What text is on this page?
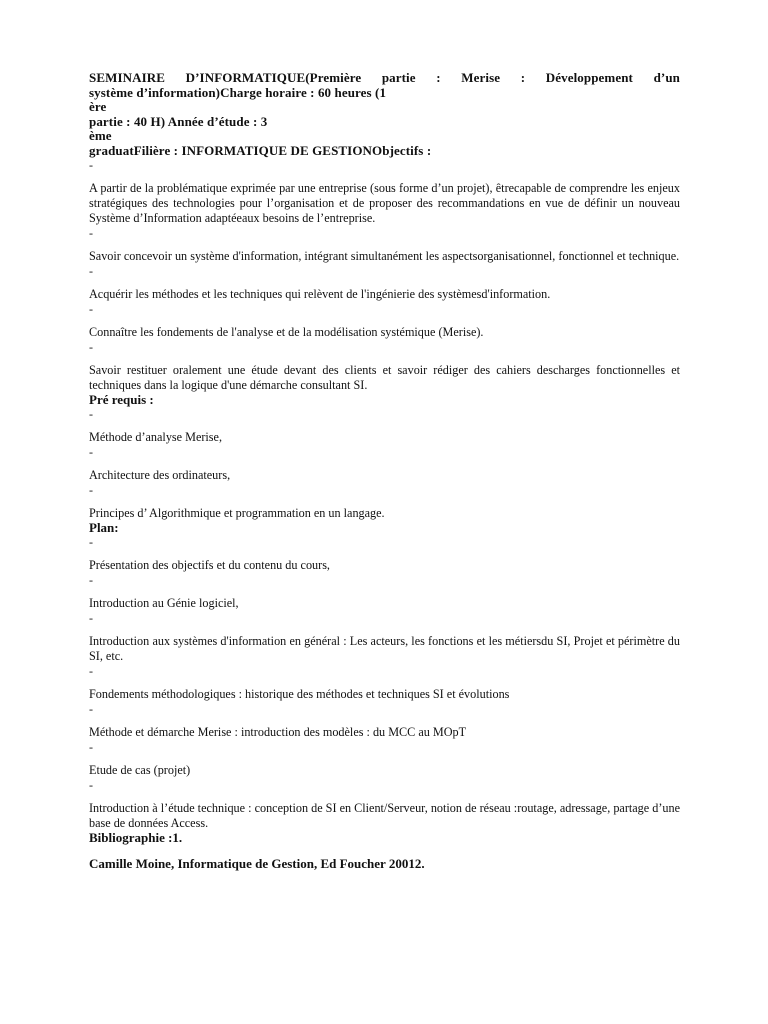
SEMINAIRE D’INFORMATIQUE(Première partie : Merise : Développement d’un

système d’information)Charge horaire : 60 heures (1

ère

partie : 40 H) Année d’étude : 3

ème

graduatFilière : INFORMATIQUE DE GESTIONObjectifs :

-

A partir de la problématique exprimée par une entreprise (sous forme d’un projet), êtrecapable de comprendre les enjeux stratégiques des technologies pour l’organisation et de proposer des recommandations en vue de définir un nouveau Système d’Information adaptéeaux besoins de l’entreprise.

-

Savoir concevoir un système d'information, intégrant simultanément les aspectsorganisationnel, fonctionnel et technique.

-

Acquérir les méthodes et les techniques qui relèvent de l'ingénierie des systèmesd'information.

-

Connaître les fondements de l'analyse et de la modélisation systémique (Merise).

-

Savoir restituer oralement une étude devant des clients et savoir rédiger des cahiers descharges fonctionnelles et techniques dans la logique d'une démarche consultant SI.

Pré requis :

-

Méthode d’analyse Merise,

-

Architecture des ordinateurs,

-

Principes d’ Algorithmique et programmation en un langage.

Plan:

-

Présentation des objectifs et du contenu du cours,

-

Introduction au Génie logiciel,

-

Introduction aux systèmes d'information en général : Les acteurs, les fonctions et les métiersdu SI, Projet et périmètre du SI, etc.

-

Fondements méthodologiques : historique des méthodes et techniques SI et évolutions

-

Méthode et démarche Merise : introduction des modèles : du MCC au MOpT

-

Etude de cas (projet)

-

Introduction à l’étude technique : conception de SI en Client/Serveur, notion de réseau :routage, adressage, partage d’une base de données Access.

Bibliographie :1.

Camille Moine, Informatique de Gestion, Ed Foucher 20012.
